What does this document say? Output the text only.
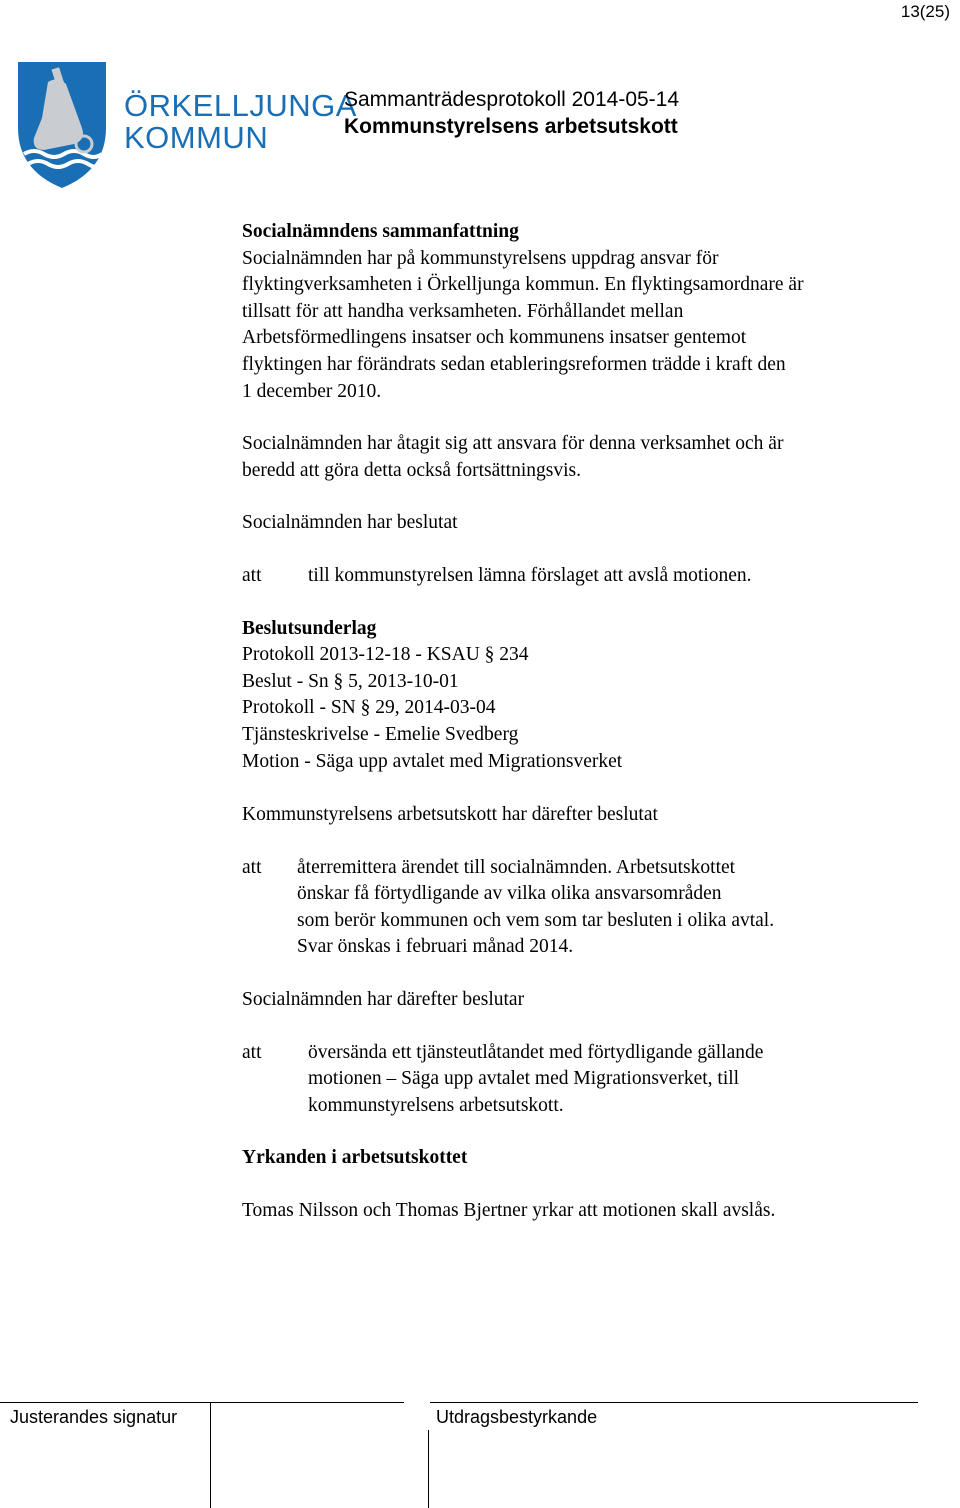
13(25)
ÖRKELLJUNGA
KOMMUN
Sammanträdesprotokoll 2014-05-14
Kommunstyrelsens arbetsutskott

Socialnämndens sammanfattning

Socialnämnden har på kommunstyrelsens uppdrag ansvar för

flyktingverksamheten i Örkelljunga kommun. En flyktingsamordnare är

tillsatt för att handha verksamheten. Förhållandet mellan

Arbetsförmedlingens insatser och kommunens insatser gentemot

flyktingen har förändrats sedan etableringsreformen trädde i kraft den

1 december 2010.

Socialnämnden har åtagit sig att ansvara för denna verksamhet och är

beredd att göra detta också fortsättningsvis.

Socialnämnden har beslutat

att	till kommunstyrelsen lämna förslaget att avslå motionen.

Beslutsunderlag

Protokoll 2013-12-18 - KSAU § 234

Beslut - Sn § 5, 2013-10-01

Protokoll - SN § 29, 2014-03-04

Tjänsteskrivelse - Emelie Svedberg

Motion - Säga upp avtalet med Migrationsverket

Kommunstyrelsens arbetsutskott har därefter beslutat

att	återremittera ärendet till socialnämnden. Arbetsutskottet

önskar få förtydligande av vilka olika ansvarsområden

som berör kommunen och vem som tar besluten i olika avtal.

Svar önskas i februari månad 2014.

Socialnämnden har därefter beslutar

att	översända ett tjänsteutlåtandet med förtydligande gällande

motionen – Säga upp avtalet med Migrationsverket, till

kommunstyrelsens arbetsutskott.

Yrkanden i arbetsutskottet

Tomas Nilsson och Thomas Bjertner yrkar att motionen skall avslås.

Justerandes signatur	Utdragsbestyrkande
